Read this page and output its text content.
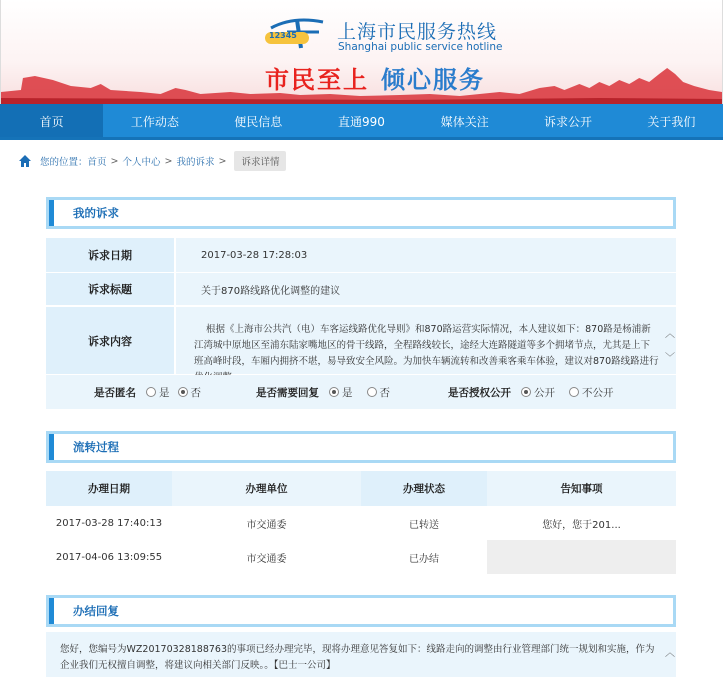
12345 上海市民服务热线
Shanghai public service hotline
市民至上 倾心服务
首页	工作动态	便民信息	直通990	媒体关注	诉求公开	关于我们
您的位置： 首页 > 个人中心 > 我的诉求 >	诉求详情
我的诉求
诉求日期	2017-03-28 17:28:03
诉求标题	关于870路线路优化调整的建议
诉求内容
根据《上海市公共汽（电）车客运线路优化导则》和870路运营实际情况，本人建议如下：870路是杨浦新江湾城中原地区至浦东陆家嘴地区的骨干线路，全程路线较长，途经大连路隧道等多个拥堵节点，尤其是上下班高峰时段，车厢内拥挤不堪，易导致安全风险。为加快车辆流转和改善乘客乘车体验，建议对870路线路进行
︿
﹀
是否匿名 是 否	是否需要回复 是	否	是否授权公开 公开	不公开
流转过程
办理日期	办理单位	办理状态	告知事项
2017-03-28 17:40:13	市交通委	已转送	您好，您于201...
2017-04-06 13:09:55	市交通委	已办结
办结回复
您好，您编号为WZ20170328188763的事项已经办理完毕，现将办理意见答复如下：线路走向的调整由行业管理部门统一规划和实施，作为企业我们无权擅自调整，将建议向相关部门反映。。【巴士一公司】
︿
